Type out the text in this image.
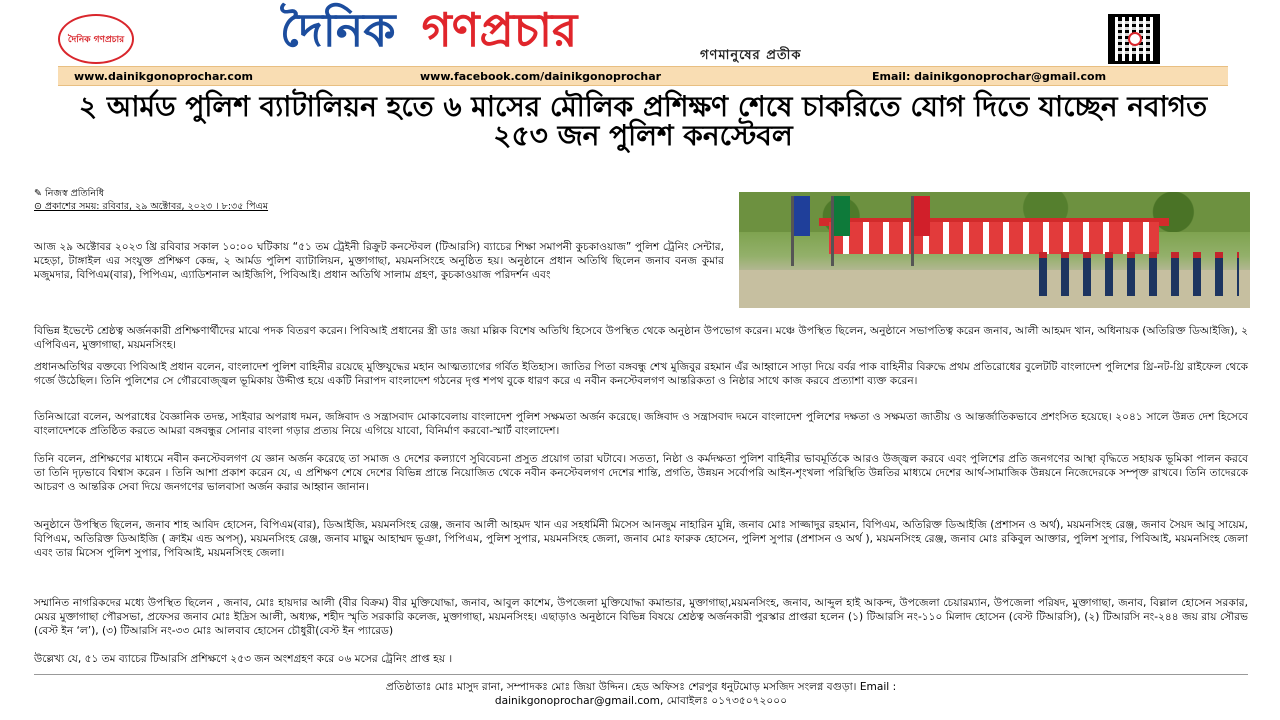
দৈনিক গণপ্রচার	দৈনিক গণপ্রচার	গণমানুষের প্রতীক
www.dainikgonoprochar.com	www.facebook.com/dainikgonoprochar	Email: dainikgonoprochar@gmail.com
২ আর্মড পুলিশ ব্যাটালিয়ন হতে ৬ মাসের মৌলিক প্রশিক্ষণ শেষে চাকরিতে যোগ দিতে যাচ্ছেন নবাগত ২৫৩ জন পুলিশ কনস্টেবল
✎ নিজস্ব প্রতিনিধি
⊙ প্রকাশের সময়: রবিবার, ২৯ অক্টোবর, ২০২৩ । ৮:৩৫ পিএম

আজ ২৯ অক্টোবর ২০২৩ খ্রি রবিবার সকাল ১০:০০ ঘটিকায় “৫১ তম ট্রেইনী রিক্রুট কনস্টেবল (টিআরসি) ব্যাচের শিক্ষা সমাপনী কুচকাওয়াজ” পুলিশ ট্রেনিং সেন্টার, মহেড়া, টাঙ্গাইল এর সংযুক্ত প্রশিক্ষণ কেন্দ্র, ২ আর্মড পুলিশ ব্যাটালিয়ন, মুক্তাগাছা, ময়মনসিংহে অনুষ্ঠিত হয়। অনুষ্ঠানে প্রধান অতিথি ছিলেন জনাব বনজ কুমার মজুমদার, বিপিএম(বার), পিপিএম, এ্যাডিশনাল আইজিপি, পিবিআই। প্রধান অতিথি সালাম গ্রহণ, কুচকাওয়াজ পরিদর্শন এবং

বিভিন্ন ইভেন্টে শ্রেষ্ঠত্ব অর্জনকারী প্রশিক্ষণার্থীদের মাঝে পদক বিতরণ করেন। পিবিআই প্রধানের স্ত্রী ডাঃ জয়া মল্লিক বিশেষ অতিথি হিসেবে উপস্থিত থেকে অনুষ্ঠান উপভোগ করেন। মঞ্চে উপস্থিত ছিলেন, অনুষ্ঠানে সভাপতিত্ব করেন জনাব, আলী আহমদ খান, অধিনায়ক (অতিরিক্ত ডিআইজি), ২ এপিবিএন, মুক্তাগাছা, ময়মনসিংহ।

প্রধানঅতিথির বক্তব্যে পিবিআই প্রধান বলেন, বাংলাদেশ পুলিশ বাহিনীর রয়েছে মুক্তিযুদ্ধের মহান আত্মত্যাগের গর্বিত ইতিহাস। জাতির পিতা বঙ্গবন্ধু শেখ মুজিবুর রহমান এঁর আহ্বানে সাড়া দিয়ে বর্বর পাক বাহিনীর বিরুদ্ধে প্রথম প্রতিরোধের বুলেটটি বাংলাদেশ পুলিশের থ্রি-নট-থ্রি রাইফেল থেকে গর্জে উঠেছিল। তিনি পুলিশের সে গৌরবোজ্জ্বল ভূমিকায় উদ্দীপ্ত হয়ে একটি নিরাপদ বাংলাদেশ গঠনের দৃপ্ত শপথ বুকে ধারণ করে এ নবীন কনস্টেবলগণ আন্তরিকতা ও নিষ্ঠার সাথে কাজ করবে প্রত্যাশা ব্যক্ত করেন।

তিনিআরো বলেন, অপরাধের বৈজ্ঞানিক তদন্ত, সাইবার অপরাধ দমন, জঙ্গিবাদ ও সন্ত্রাসবাদ মোকাবেলায় বাংলাদেশ পুলিশ সক্ষমতা অর্জন করেছে। জঙ্গিবাদ ও সন্ত্রাসবাদ দমনে বাংলাদেশ পুলিশের দক্ষতা ও সক্ষমতা জাতীয় ও আন্তর্জাতিকভাবে প্রশংসিত হয়েছে। ২০৪১ সালে উন্নত দেশ হিসেবে বাংলাদেশকে প্রতিষ্ঠিত করতে আমরা বঙ্গবন্ধুর সোনার বাংলা গড়ার প্রত্যয় নিয়ে এগিয়ে যাবো, বিনির্মাণ করবো-স্মার্ট বাংলাদেশ।

তিনি বলেন, প্রশিক্ষণের মাধ্যমে নবীন কনস্টেবলগণ যে জ্ঞান অর্জন করেছে তা সমাজ ও দেশের কল্যাণে সুবিবেচনা প্রসুত প্রয়োগ তারা ঘটাবে। সততা, নিষ্ঠা ও কর্মদক্ষতা পুলিশ বাহিনীর ভাবমূর্তিকে আরও উজ্জ্বল করবে এবং পুলিশের প্রতি জনগণের আস্থা বৃদ্ধিতে সহায়ক ভূমিকা পালন করবে তা তিনি দৃঢ়ভাবে বিশ্বাস করেন । তিনি আশা প্রকাশ করেন যে, এ প্রশিক্ষণ শেষে দেশের বিভিন্ন প্রান্তে নিয়োজিত থেকে নবীন কনস্টেবলগণ দেশের শান্তি, প্রগতি, উন্নয়ন সর্বোপরি আইন-শৃংখলা পরিস্থিতি উন্নতির মাধ্যমে দেশের আর্থ-সামাজিক উন্নয়নে নিজেদেরকে সম্পৃক্ত রাখবে। তিনি তাদেরকে আচরণ ও আন্তরিক সেবা দিয়ে জনগণের ভালবাসা অর্জন করার আহ্বান জানান।

অনুষ্ঠানে উপস্থিত ছিলেন, জনাব শাহ আবিদ হোসেন, বিপিএম(বার), ডিআইজি, ময়মনসিংহ রেঞ্জ, জনাব আলী আহমদ খান এর সহধর্মিনী মিসেস আনজুম নাহারিন মুন্নি, জনাব মোঃ সাজ্জাদুর রহমান, বিপিএম, অতিরিক্ত ডিআইজি (প্রশাসন ও অর্থ), ময়মনসিংহ রেঞ্জ, জনাব সৈয়দ আবু সায়েম, বিপিএম, অতিরিক্ত ডিআইজি ( ক্রাইম এন্ড অপস্), ময়মনসিংহ রেঞ্জ, জনাব মাছুম আহাম্মদ ভূঞা, পিপিএম, পুলিশ সুপার, ময়মনসিংহ জেলা, জনাব মোঃ ফারুক হোসেন, পুলিশ সুপার (প্রশাসন ও অর্থ ), ময়মনসিংহ রেঞ্জ, জনাব মোঃ রকিবুল আক্তার, পুলিশ সুপার, পিবিআই, ময়মনসিংহ জেলা এবং তার মিসেস পুলিশ সুপার, পিবিআই, ময়মনসিংহ জেলা।

সম্মানিত নাগরিকদের মধ্যে উপস্থিত ছিলেন , জনাব, মোঃ হায়দার আলী (বীর বিক্রম) বীর মুক্তিযোদ্ধা, জনাব, আবুল কাশেম, উপজেলা মুক্তিযোদ্ধা কমান্ডার, মুক্তাগাছা,ময়মনসিংহ, জনাব, আব্দুল হাই আকন্দ, উপজেলা চেয়ারম্যান, উপজেলা পরিষদ, মুক্তাগাছা, জনাব, বিল্লাল হোসেন সরকার, মেয়র মুক্তাগাছা পৌরসভা, প্রফেসর জনাব মোঃ ইদ্রিস আলী, অধ্যক্ষ, শহীদ স্মৃতি সরকারি কলেজ, মুক্তাগাছা, ময়মনসিংহ। এছাড়াও অনুষ্ঠানে বিভিন্ন বিষয়ে শ্রেষ্ঠত্ব অর্জনকারী পুরস্কার প্রাপ্তরা হলেন (১) টিআরসি নং-১১০ মিলাদ হোসেন (বেস্ট টিআরসি), (২) টিআরসি নং-২৪৪ জয় রায় সৌরভ (বেস্ট ইন ‘ল’), (৩) টিআরসি নং-৩৩ মোঃ আলবাব হোসেন চৌধুরী(বেস্ট ইন প্যারেড)

উল্লেখ্য যে, ৫১ তম ব্যাচের টিআরসি প্রশিক্ষণে ২৫৩ জন অংশগ্রহণ করে ০৬ মসের ট্রেনিং প্রাপ্ত হয় ।

প্রতিষ্ঠাতাঃ মোঃ মাসুদ রানা, সম্পাদকঃ মোঃ জিয়া উদ্দিন। হেড অফিসঃ শেরপুর ধনুটমোড় মসজিদ সংলগ্ন বগুড়া। Email :
dainikgonoprochar@gmail.com, মোবাইলঃ ০১৭৩৫০৭২০০০
